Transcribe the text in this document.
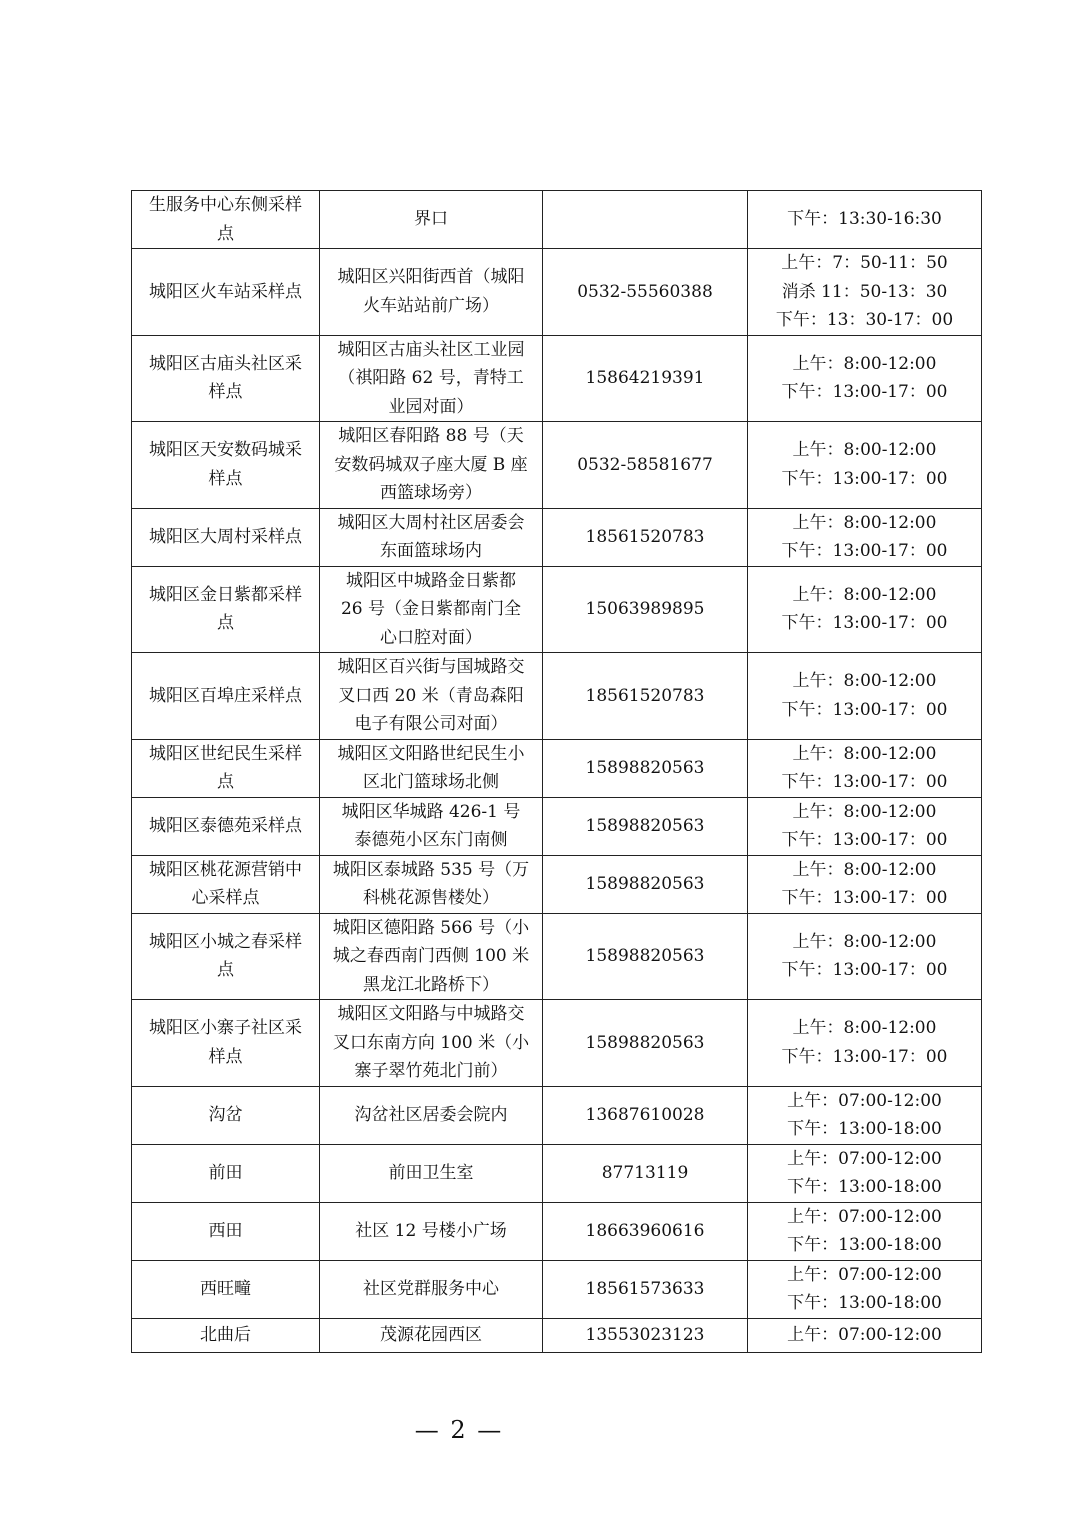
生服务中心东侧采样
点	界口		下午：13:30-16:30
城阳区火车站采样点	城阳区兴阳街西首（城阳
火车站站前广场）	0532-55560388	上午：7：50-11：50
消杀 11：50-13：30
下午：13：30-17：00
城阳区古庙头社区采
样点	城阳区古庙头社区工业园
（祺阳路 62 号，青特工
业园对面）	15864219391	上午：8:00-12:00
下午：13:00-17：00
城阳区天安数码城采
样点	城阳区春阳路 88 号（天
安数码城双子座大厦 B 座
西篮球场旁）	0532-58581677	上午：8:00-12:00
下午：13:00-17：00
城阳区大周村采样点	城阳区大周村社区居委会
东面篮球场内	18561520783	上午：8:00-12:00
下午：13:00-17：00
城阳区金日紫都采样
点	城阳区中城路金日紫都
26 号（金日紫都南门全
心口腔对面）	15063989895	上午：8:00-12:00
下午：13:00-17：00
城阳区百埠庄采样点	城阳区百兴街与国城路交
叉口西 20 米（青岛森阳
电子有限公司对面）	18561520783	上午：8:00-12:00
下午：13:00-17：00
城阳区世纪民生采样
点	城阳区文阳路世纪民生小
区北门篮球场北侧	15898820563	上午：8:00-12:00
下午：13:00-17：00
城阳区泰德苑采样点	城阳区华城路 426-1 号
泰德苑小区东门南侧	15898820563	上午：8:00-12:00
下午：13:00-17：00
城阳区桃花源营销中
心采样点	城阳区泰城路 535 号（万
科桃花源售楼处）	15898820563	上午：8:00-12:00
下午：13:00-17：00
城阳区小城之春采样
点	城阳区德阳路 566 号（小
城之春西南门西侧 100 米
黑龙江北路桥下）	15898820563	上午：8:00-12:00
下午：13:00-17：00
城阳区小寨子社区采
样点	城阳区文阳路与中城路交
叉口东南方向 100 米（小
寨子翠竹苑北门前）	15898820563	上午：8:00-12:00
下午：13:00-17：00
沟岔	沟岔社区居委会院内	13687610028	上午：07:00-12:00
下午：13:00-18:00
前田	前田卫生室	87713119	上午：07:00-12:00
下午：13:00-18:00
西田	社区 12 号楼小广场	18663960616	上午：07:00-12:00
下午：13:00-18:00
西旺疃	社区党群服务中心	18561573633	上午：07:00-12:00
下午：13:00-18:00
北曲后	茂源花园西区	13553023123	上午：07:00-12:00
— 2 —
